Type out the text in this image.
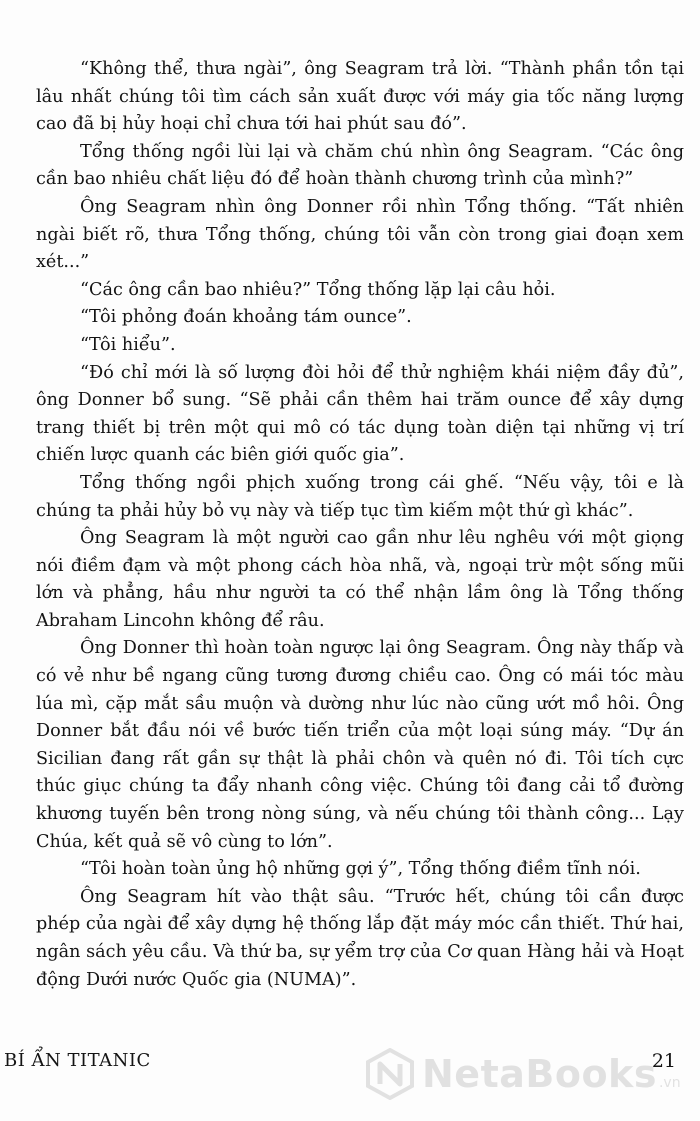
“Không thể, thưa ngài”, ông Seagram trả lời. “Thành phần tồn tại lâu nhất chúng tôi tìm cách sản xuất được với máy gia tốc năng lượng cao đã bị hủy hoại chỉ chưa tới hai phút sau đó”.

Tổng thống ngồi lùi lại và chăm chú nhìn ông Seagram. “Các ông cần bao nhiêu chất liệu đó để hoàn thành chương trình của mình?”

Ông Seagram nhìn ông Donner rồi nhìn Tổng thống. “Tất nhiên ngài biết rõ, thưa Tổng thống, chúng tôi vẫn còn trong giai đoạn xem xét...”

“Các ông cần bao nhiêu?” Tổng thống lặp lại câu hỏi.

“Tôi phỏng đoán khoảng tám ounce”.

“Tôi hiểu”.

“Đó chỉ mới là số lượng đòi hỏi để thử nghiệm khái niệm đầy đủ”, ông Donner bổ sung. “Sẽ phải cần thêm hai trăm ounce để xây dựng trang thiết bị trên một qui mô có tác dụng toàn diện tại những vị trí chiến lược quanh các biên giới quốc gia”.

Tổng thống ngồi phịch xuống trong cái ghế. “Nếu vậy, tôi e là chúng ta phải hủy bỏ vụ này và tiếp tục tìm kiếm một thứ gì khác”.

Ông Seagram là một người cao gần như lêu nghêu với một giọng nói điềm đạm và một phong cách hòa nhã, và, ngoại trừ một sống mũi lớn và phẳng, hầu như người ta có thể nhận lầm ông là Tổng thống Abraham Lincohn không để râu.

Ông Donner thì hoàn toàn ngược lại ông Seagram. Ông này thấp và có vẻ như bề ngang cũng tương đương chiều cao. Ông có mái tóc màu lúa mì, cặp mắt sầu muộn và dường như lúc nào cũng ướt mồ hôi. Ông Donner bắt đầu nói về bước tiến triển của một loại súng máy. “Dự án Sicilian đang rất gần sự thật là phải chôn và quên nó đi. Tôi tích cực thúc giục chúng ta đẩy nhanh công việc. Chúng tôi đang cải tổ đường khương tuyến bên trong nòng súng, và nếu chúng tôi thành công... Lạy Chúa, kết quả sẽ vô cùng to lớn”.

“Tôi hoàn toàn ủng hộ những gợi ý”, Tổng thống điềm tĩnh nói.

Ông Seagram hít vào thật sâu. “Trước hết, chúng tôi cần được phép của ngài để xây dựng hệ thống lắp đặt máy móc cần thiết. Thứ hai, ngân sách yêu cầu. Và thứ ba, sự yểm trợ của Cơ quan Hàng hải và Hoạt động Dưới nước Quốc gia (NUMA)”.

BÍ ẨN TITANIC	21
NetaBooks .vn
